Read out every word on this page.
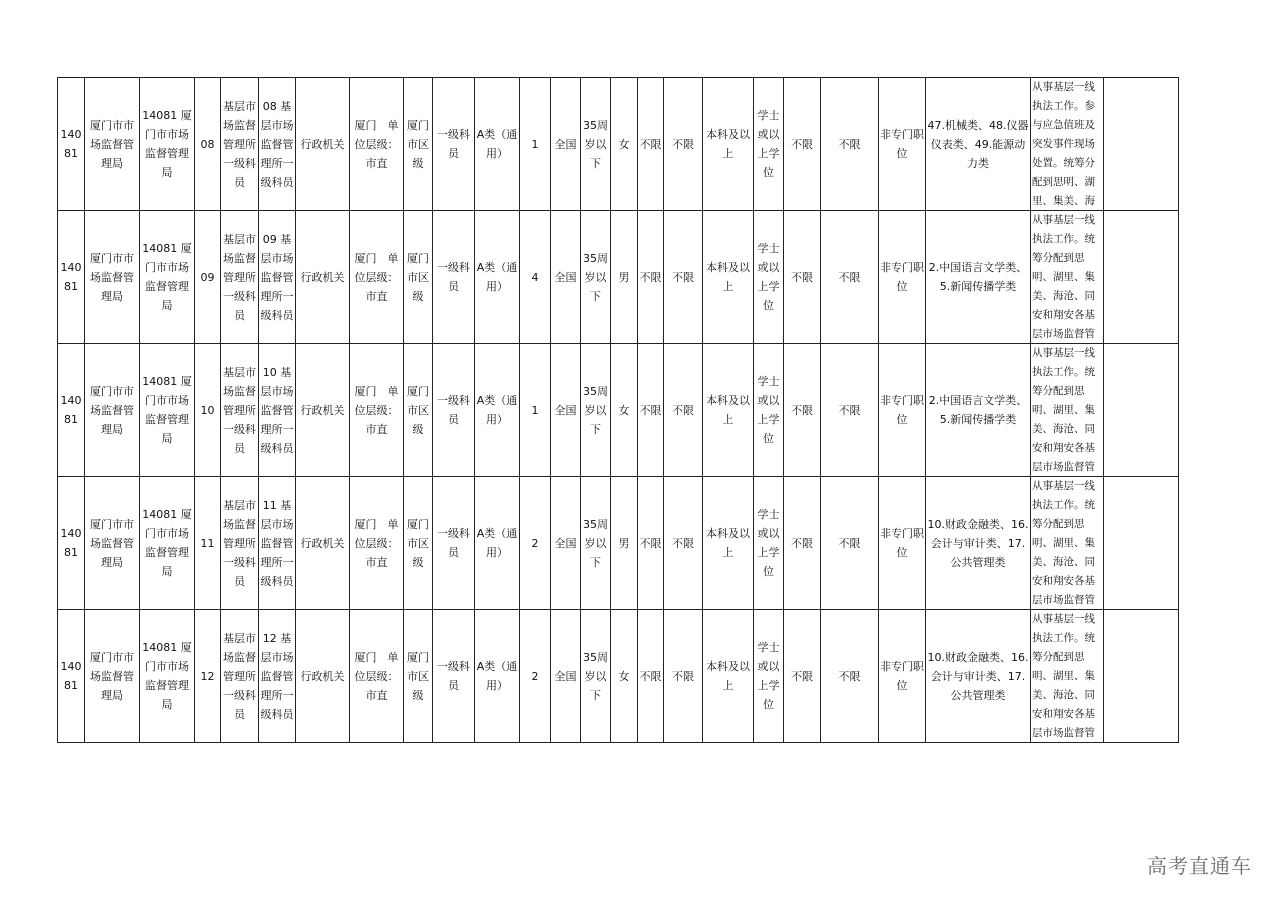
14081	厦门市市场监督管理局	14081 厦门市市场监督管理局	08	基层市场监督管理所一级科员	08 基层市场监督管理所一级科员	行政机关	厦门　单位层级：市直	厦门市区级	一级科员	A类（通用）	1	全国	35周岁以下	女	不限	不限	本科及以上	学士或以上学位	不限	不限	非专门职位	47.机械类、48.仪器仪表类、49.能源动力类	从事基层一线执法工作。参与应急值班及突发事件现场处置。统筹分配到思明、湖里、集美、海	

14081	厦门市市场监督管理局	14081 厦门市市场监督管理局	09	基层市场监督管理所一级科员	09 基层市场监督管理所一级科员	行政机关	厦门　单位层级：市直	厦门市区级	一级科员	A类（通用）	4	全国	35周岁以下	男	不限	不限	本科及以上	学士或以上学位	不限	不限	非专门职位	2.中国语言文学类、5.新闻传播学类	从事基层一线执法工作。统筹分配到思明、湖里、集美、海沧、同安和翔安各基层市场监督管	

14081	厦门市市场监督管理局	14081 厦门市市场监督管理局	10	基层市场监督管理所一级科员	10 基层市场监督管理所一级科员	行政机关	厦门　单位层级：市直	厦门市区级	一级科员	A类（通用）	1	全国	35周岁以下	女	不限	不限	本科及以上	学士或以上学位	不限	不限	非专门职位	2.中国语言文学类、5.新闻传播学类	从事基层一线执法工作。统筹分配到思明、湖里、集美、海沧、同安和翔安各基层市场监督管	

14081	厦门市市场监督管理局	14081 厦门市市场监督管理局	11	基层市场监督管理所一级科员	11 基层市场监督管理所一级科员	行政机关	厦门　单位层级：市直	厦门市区级	一级科员	A类（通用）	2	全国	35周岁以下	男	不限	不限	本科及以上	学士或以上学位	不限	不限	非专门职位	10.财政金融类、16.会计与审计类、17.公共管理类	从事基层一线执法工作。统筹分配到思明、湖里、集美、海沧、同安和翔安各基层市场监督管	

14081	厦门市市场监督管理局	14081 厦门市市场监督管理局	12	基层市场监督管理所一级科员	12 基层市场监督管理所一级科员	行政机关	厦门　单位层级：市直	厦门市区级	一级科员	A类（通用）	2	全国	35周岁以下	女	不限	不限	本科及以上	学士或以上学位	不限	不限	非专门职位	10.财政金融类、16.会计与审计类、17.公共管理类	从事基层一线执法工作。统筹分配到思明、湖里、集美、海沧、同安和翔安各基层市场监督管	

高考直通车
